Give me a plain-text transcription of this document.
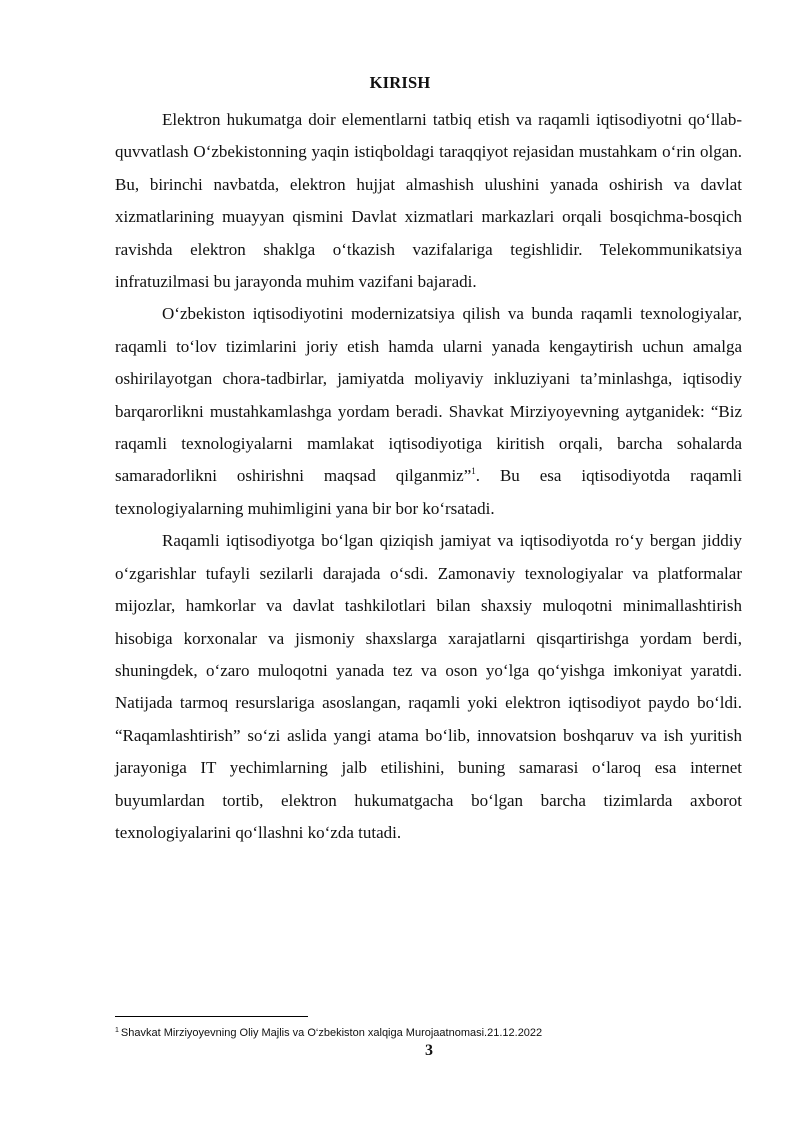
KIRISH

Elektron hukumatga doir elementlarni tatbiq etish va raqamli iqtisodiyotni qo‘llab-quvvatlash O‘zbekistonning yaqin istiqboldagi taraqqiyot rejasidan mustahkam o‘rin olgan. Bu, birinchi navbatda, elektron hujjat almashish ulushini yanada oshirish va davlat xizmatlarining muayyan qismini Davlat xizmatlari markazlari orqali bosqichma-bosqich ravishda elektron shaklga o‘tkazish vazifalariga tegishlidir. Telekommunikatsiya infratuzilmasi bu jarayonda muhim vazifani bajaradi.

O‘zbekiston iqtisodiyotini modernizatsiya qilish va bunda raqamli texnologiyalar, raqamli to‘lov tizimlarini joriy etish hamda ularni yanada kengaytirish uchun amalga oshirilayotgan chora-tadbirlar, jamiyatda moliyaviy inkluziyani ta’minlashga, iqtisodiy barqarorlikni mustahkamlashga yordam beradi. Shavkat Mirziyoyevning aytganidek: “Biz raqamli texnologiyalarni mamlakat iqtisodiyotiga kiritish orqali, barcha sohalarda samaradorlikni oshirishni maqsad qilganmiz”$^1$. Bu esa iqtisodiyotda raqamli texnologiyalarning muhimligini yana bir bor ko‘rsatadi.

Raqamli iqtisodiyotga bo‘lgan qiziqish jamiyat va iqtisodiyotda ro‘y bergan jiddiy o‘zgarishlar tufayli sezilarli darajada o‘sdi. Zamonaviy texnologiyalar va platformalar mijozlar, hamkorlar va davlat tashkilotlari bilan shaxsiy muloqotni minimallashtirish hisobiga korxonalar va jismoniy shaxslarga xarajatlarni qisqartirishga yordam berdi, shuningdek, o‘zaro muloqotni yanada tez va oson yo‘lga qo‘yishga imkoniyat yaratdi. Natijada tarmoq resurslariga asoslangan, raqamli yoki elektron iqtisodiyot paydo bo‘ldi. “Raqamlashtirish” so‘zi aslida yangi atama bo‘lib, innovatsion boshqaruv va ish yuritish jarayoniga IT yechimlarning jalb etilishini, buning samarasi o‘laroq esa internet buyumlardan tortib, elektron hukumatgacha bo‘lgan barcha tizimlarda axborot texnologiyalarini qo‘llashni ko‘zda tutadi.

$^1$ Shavkat Mirziyoyevning Oliy Majlis va O‘zbekiston xalqiga Murojaatnomasi.21.12.2022
3
